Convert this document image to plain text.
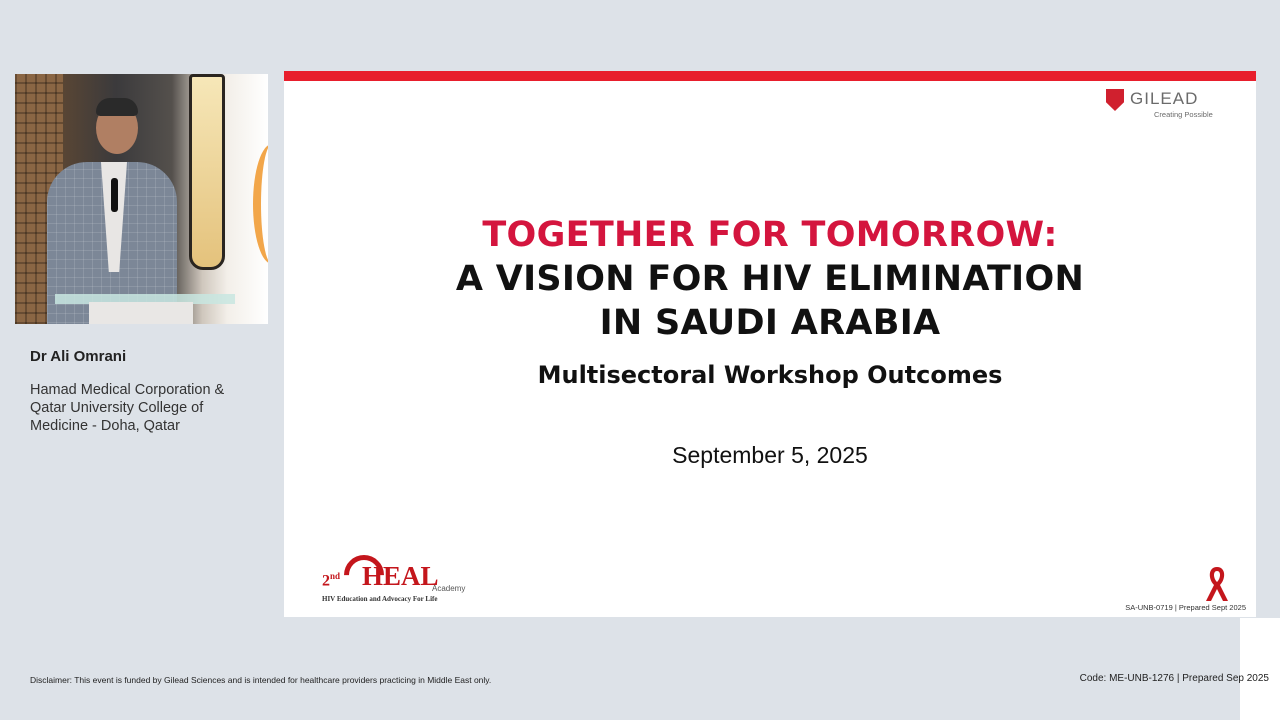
Dr Ali Omrani
Hamad Medical Corporation &
Qatar University College of
Medicine - Doha, Qatar
GILEAD
Creating Possible
TOGETHER FOR TOMORROW:
A VISION FOR HIV ELIMINATION
IN SAUDI ARABIA
Multisectoral Workshop Outcomes
September 5, 2025
2nd HEAL
Academy
HIV Education and Advocacy For Life
SA-UNB-0719 | Prepared Sept 2025
Disclaimer: This event is funded by Gilead Sciences and is intended for healthcare providers practicing in Middle East only.	Code: ME-UNB-1276 | Prepared Sep 2025
